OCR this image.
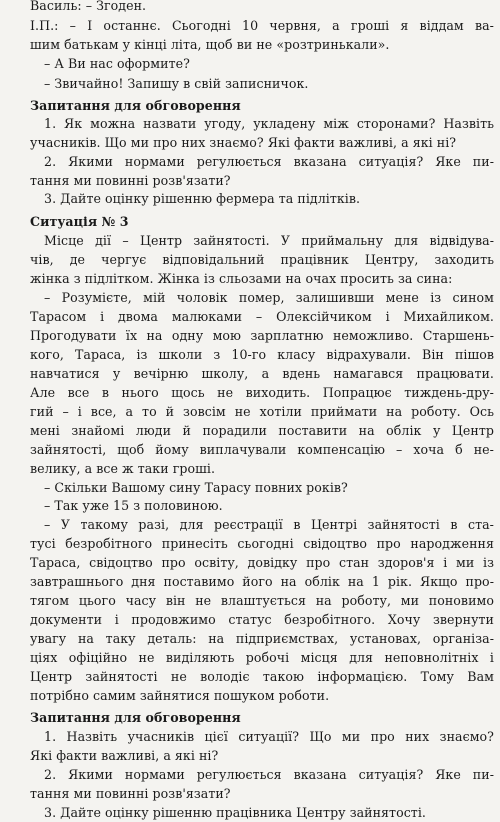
Василь: – Згоден.
І.П.: – І останнє. Сьогодні 10 червня, а гроші я віддам ва-
шим батькам у кінці літа, щоб ви не «розтринькали».
– А Ви нас оформите?
– Звичайно! Запишу в свій записничок.
Запитання для обговорення
1. Як можна назвати угоду, укладену між сторонами? Назвіть
учасників. Що ми про них знаємо? Які факти важливі, а які ні?
2. Якими нормами регулюється вказана ситуація? Яке пи-
тання ми повинні розв'язати?
3. Дайте оцінку рішенню фермера та підлітків.
Ситуація № 3
Місце дії – Центр зайнятості. У приймальну для відвідува-
чів, де чергує відповідальний працівник Центру, заходить
жінка з підлітком. Жінка із сльозами на очах просить за сина:
– Розумієте, мій чоловік помер, залишивши мене із сином
Тарасом і двома малюками – Олексійчиком і Михайликом.
Прогодувати їх на одну мою зарплатню неможливо. Старшень-
кого, Тараса, із школи з 10-го класу відрахували. Він пішов
навчатися у вечірню школу, а вдень намагався працювати.
Але все в нього щось не виходить. Попрацює тиждень-дру-
гий – і все, а то й зовсім не хотіли приймати на роботу. Ось
мені знайомі люди й порадили поставити на облік у Центр
зайнятості, щоб йому виплачували компенсацію – хоча б не-
велику, а все ж таки гроші.
– Скільки Вашому сину Тарасу повних років?
– Так уже 15 з половиною.
– У такому разі, для реєстрації в Центрі зайнятості в ста-
тусі безробітного принесіть сьогодні свідоцтво про народження
Тараса, свідоцтво про освіту, довідку про стан здоров'я і ми із
завтрашнього дня поставимо його на облік на 1 рік. Якщо про-
тягом цього часу він не влаштується на роботу, ми поновимо
документи і продовжимо статус безробітного. Хочу звернути
увагу на таку деталь: на підприємствах, установах, організа-
ціях офіційно не виділяють робочі місця для неповнолітніх і
Центр зайнятості не володіє такою інформацією. Тому Вам
потрібно самим зайнятися пошуком роботи.
Запитання для обговорення
1. Назвіть учасників цієї ситуації? Що ми про них знаємо?
Які факти важливі, а які ні?
2. Якими нормами регулюється вказана ситуація? Яке пи-
тання ми повинні розв'язати?
3. Дайте оцінку рішенню працівника Центру зайнятості.
